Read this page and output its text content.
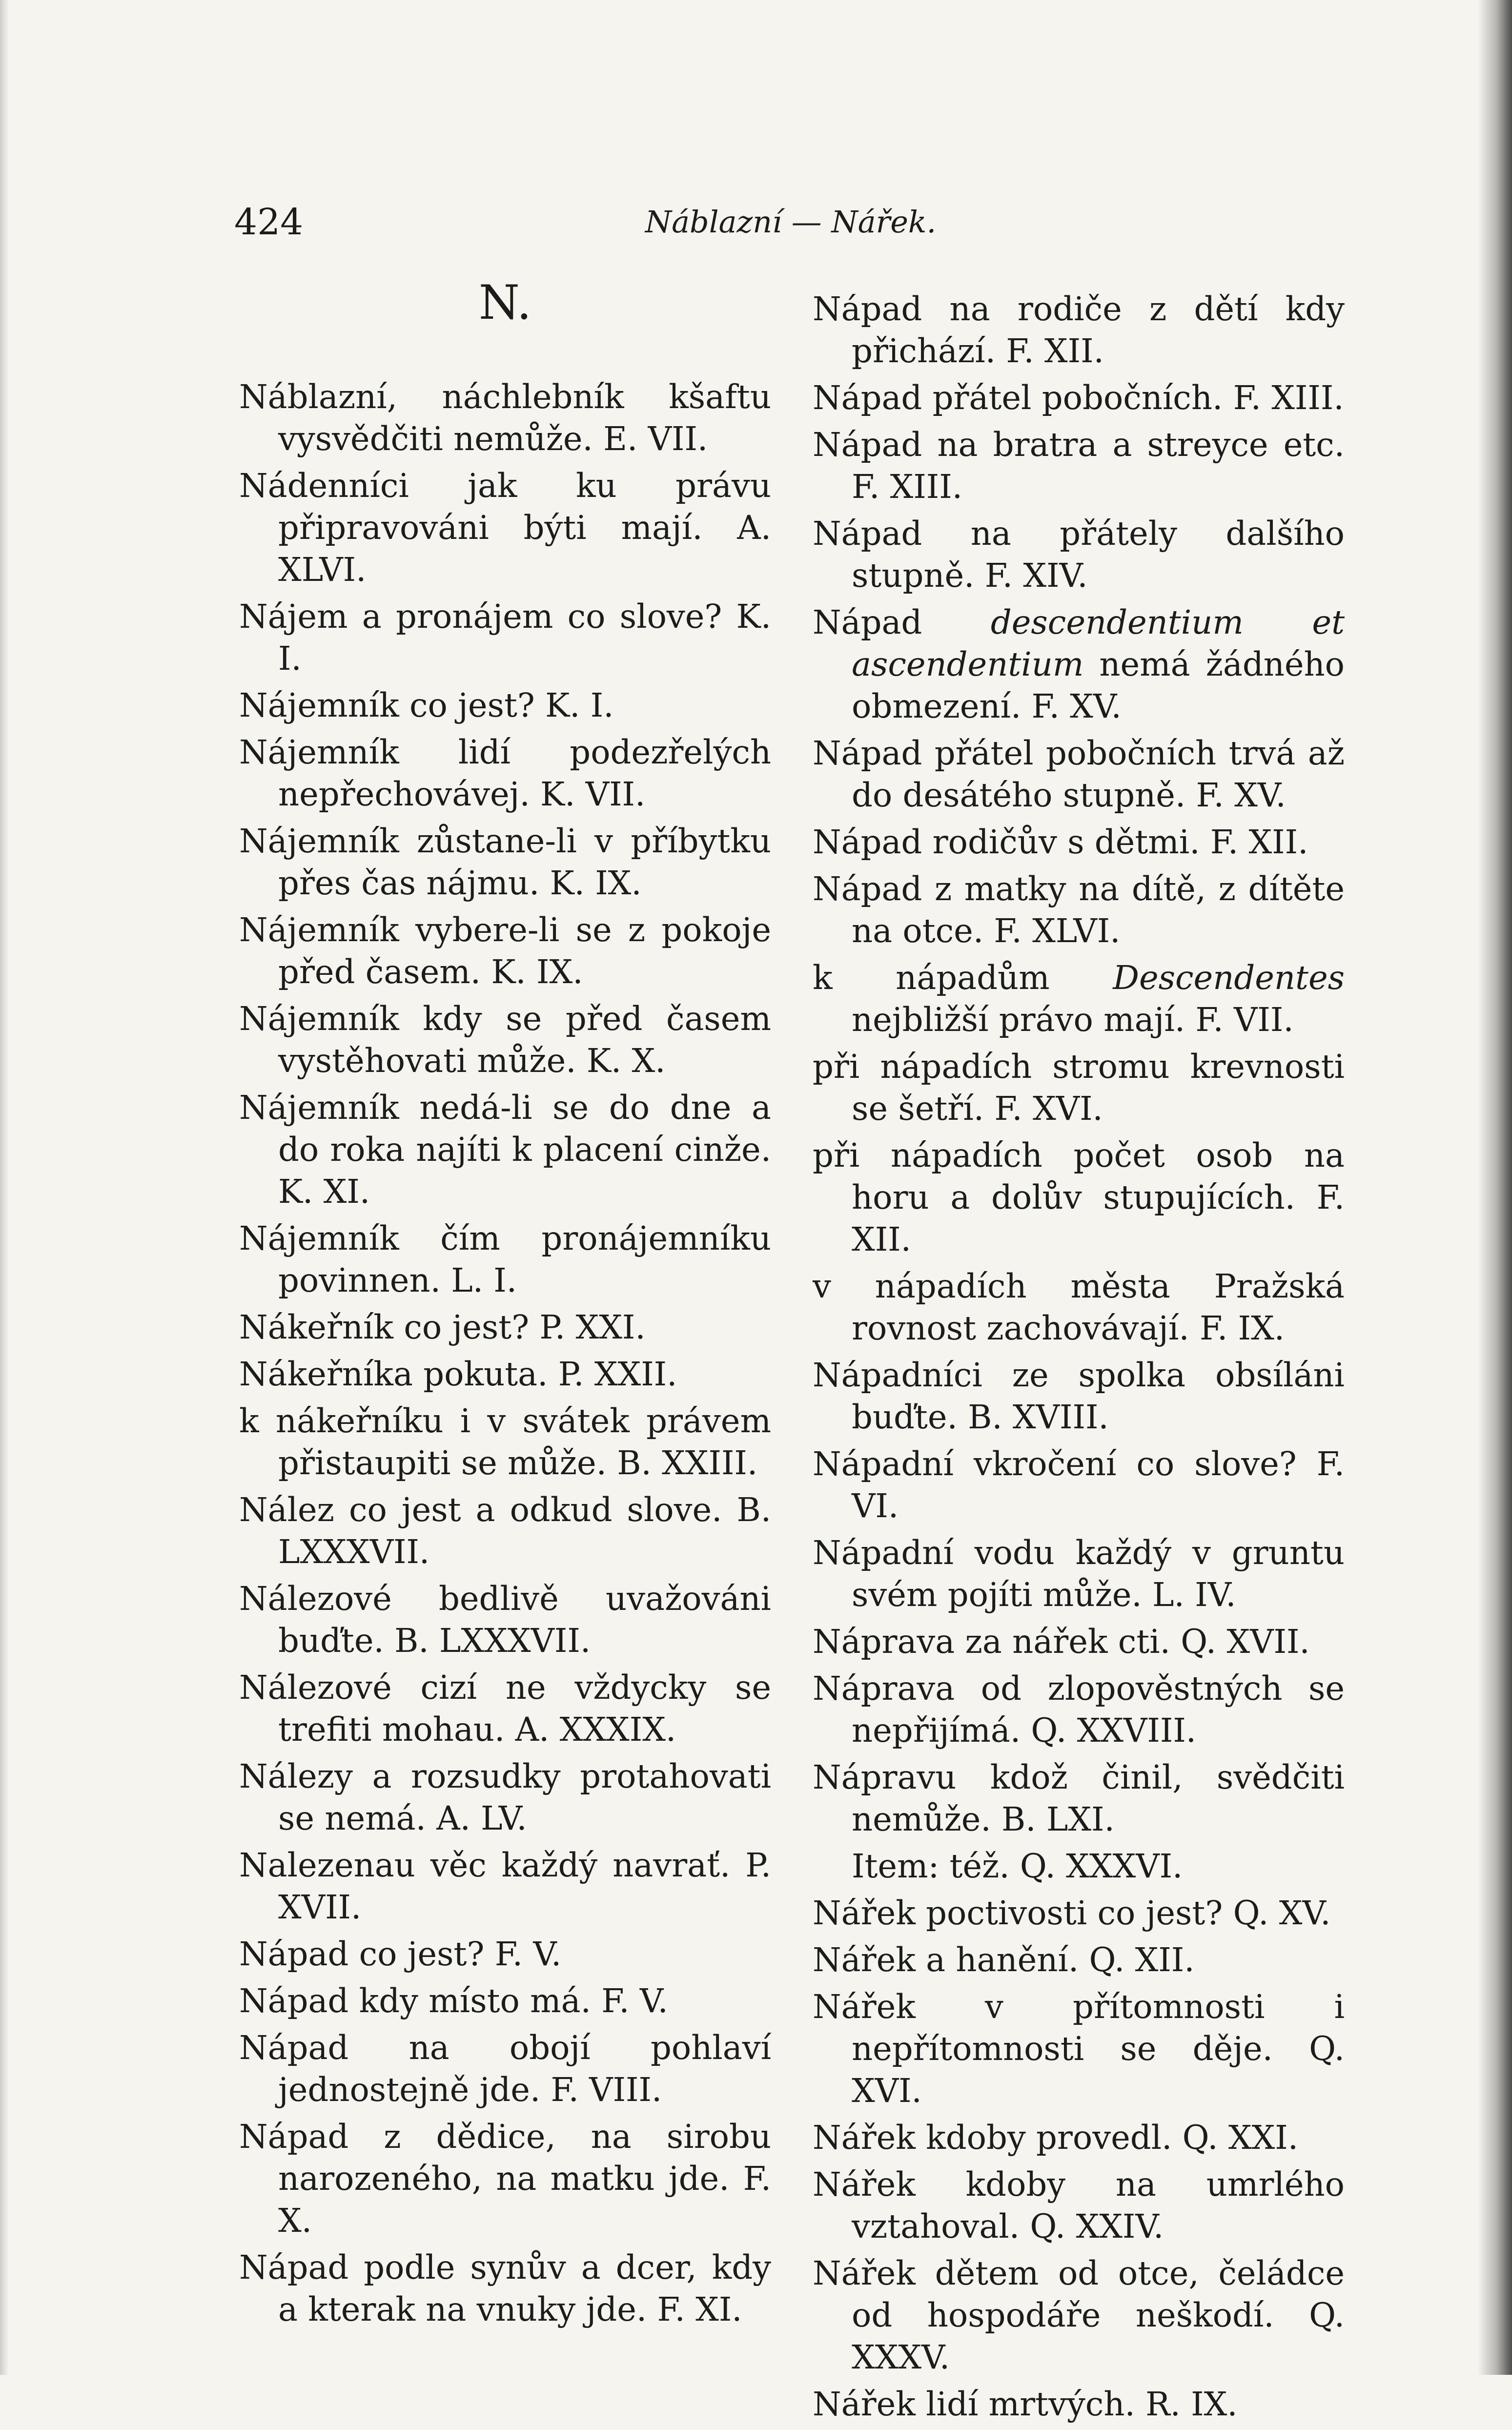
424	Náblazní — Nářek.
N.

Náblazní, náchlebník kšaftu vysvědčiti nemůže. E. VII.

Nádenníci jak ku právu připravováni býti mají. A. XLVI.

Nájem a pronájem co slove? K. I.

Nájemník co jest? K. I.

Nájemník lidí podezřelých nepřechovávej. K. VII.

Nájemník zůstane-li v příbytku přes čas nájmu. K. IX.

Nájemník vybere-li se z pokoje před časem. K. IX.

Nájemník kdy se před časem vystěhovati může. K. X.

Nájemník nedá-li se do dne a do roka najíti k placení cinže. K. XI.

Nájemník čím pronájemníku povinnen. L. I.

Nákeřník co jest? P. XXI.

Nákeřníka pokuta. P. XXII.

k nákeřníku i v svátek právem přistaupiti se může. B. XXIII.

Nález co jest a odkud slove. B. LXXXVII.

Nálezové bedlivě uvažováni buďte. B. LXXXVII.

Nálezové cizí ne vždycky se trefiti mohau. A. XXXIX.

Nálezy a rozsudky protahovati se nemá. A. LV.

Nalezenau věc každý navrať. P. XVII.

Nápad co jest? F. V.

Nápad kdy místo má. F. V.

Nápad na obojí pohlaví jednostejně jde. F. VIII.

Nápad z dědice, na sirobu narozeného, na matku jde. F. X.

Nápad podle synův a dcer, kdy a kterak na vnuky jde. F. XI.

Nápad na rodiče z dětí kdy přichází. F. XII.

Nápad přátel pobočních. F. XIII.

Nápad na bratra a streyce etc. F. XIII.

Nápad na přátely dalšího stupně. F. XIV.

Nápad descendentium et ascendentium nemá žádného obmezení. F. XV.

Nápad přátel pobočních trvá až do desátého stupně. F. XV.

Nápad rodičův s dětmi. F. XII.

Nápad z matky na dítě, z dítěte na otce. F. XLVI.

k nápadům Descendentes nejbližší právo mají. F. VII.

při nápadích stromu krevnosti se šetří. F. XVI.

při nápadích počet osob na horu a dolův stupujících. F. XII.

v nápadích města Pražská rovnost zachovávají. F. IX.

Nápadníci ze spolka obsíláni buďte. B. XVIII.

Nápadní vkročení co slove? F. VI.

Nápadní vodu každý v gruntu svém pojíti může. L. IV.

Náprava za nářek cti. Q. XVII.

Náprava od zlopověstných se nepřijímá. Q. XXVIII.

Nápravu kdož činil, svědčiti nemůže. B. LXI.

Item: též. Q. XXXVI.

Nářek poctivosti co jest? Q. XV.

Nářek a hanění. Q. XII.

Nářek v přítomnosti i nepřítomnosti se děje. Q. XVI.

Nářek kdoby provedl. Q. XXI.

Nářek kdoby na umrlého vztahoval. Q. XXIV.

Nářek dětem od otce, čeládce od hospodáře neškodí. Q. XXXV.

Nářek lidí mrtvých. R. IX.
